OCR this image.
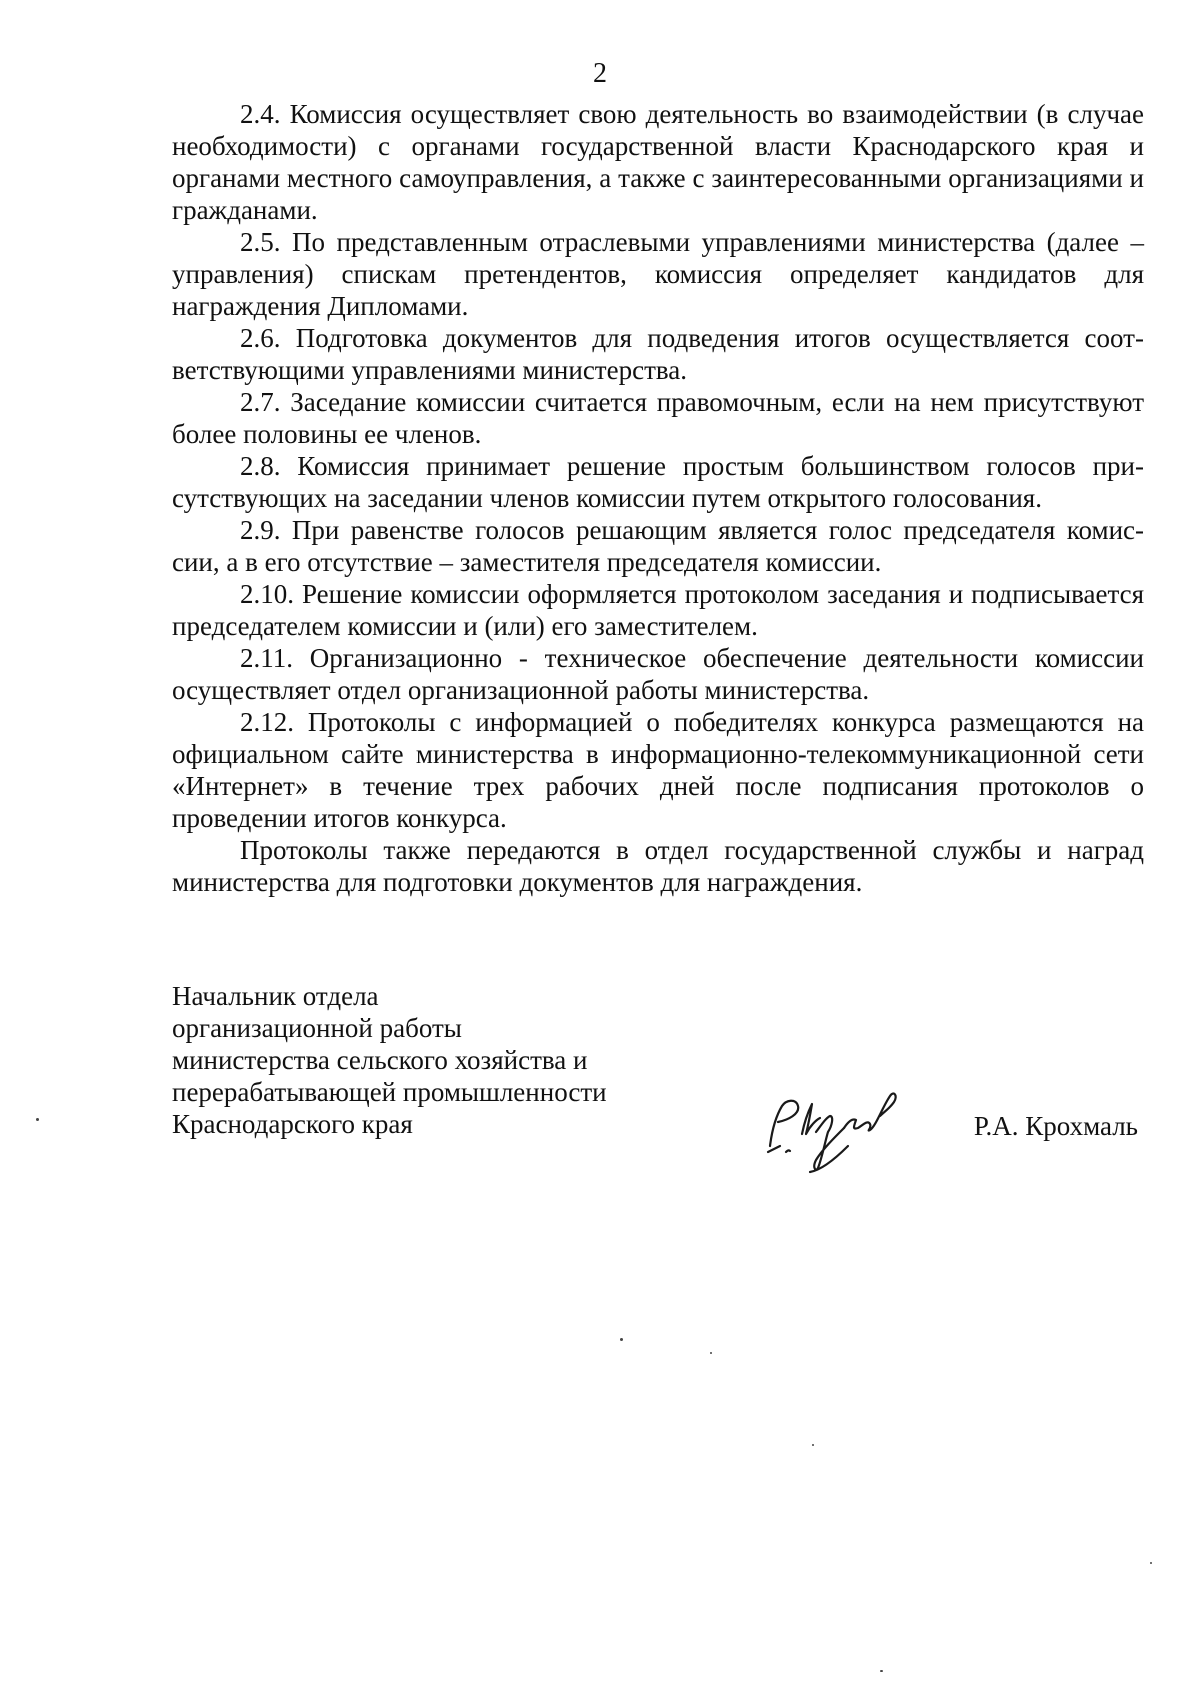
2

2.4. Комиссия осуществляет свою деятельность во взаимодействии (в случае необходимости) с органами государственной власти Краснодарского края и органами местного самоуправления, а также с заинтересованными организациями и гражданами.

2.5. По представленным отраслевыми управлениями министерства (далее – управления) спискам претендентов, комиссия определяет кандидатов для награждения Дипломами.

2.6. Подготовка документов для подведения итогов осуществляется соответствующими управлениями министерства.

2.7. Заседание комиссии считается правомочным, если на нем присутствуют более половины ее членов.

2.8. Комиссия принимает решение простым большинством голосов присутствующих на заседании членов комиссии путем открытого голосования.

2.9. При равенстве голосов решающим является голос председателя комиссии, а в его отсутствие – заместителя председателя комиссии.

2.10. Решение комиссии оформляется протоколом заседания и подписывается председателем комиссии и (или) его заместителем.

2.11. Организационно - техническое обеспечение деятельности комиссии осуществляет отдел организационной работы министерства.

2.12. Протоколы с информацией о победителях конкурса размещаются на официальном сайте министерства в информационно-телекоммуникационной сети «Интернет» в течение трех рабочих дней после подписания протоколов о проведении итогов конкурса.

Протоколы также передаются в отдел государственной службы и наград министерства для подготовки документов для награждения.

Начальник отдела
организационной работы
министерства сельского хозяйства и
перерабатывающей промышленности
Краснодарского края	Р.А. Крохмаль
